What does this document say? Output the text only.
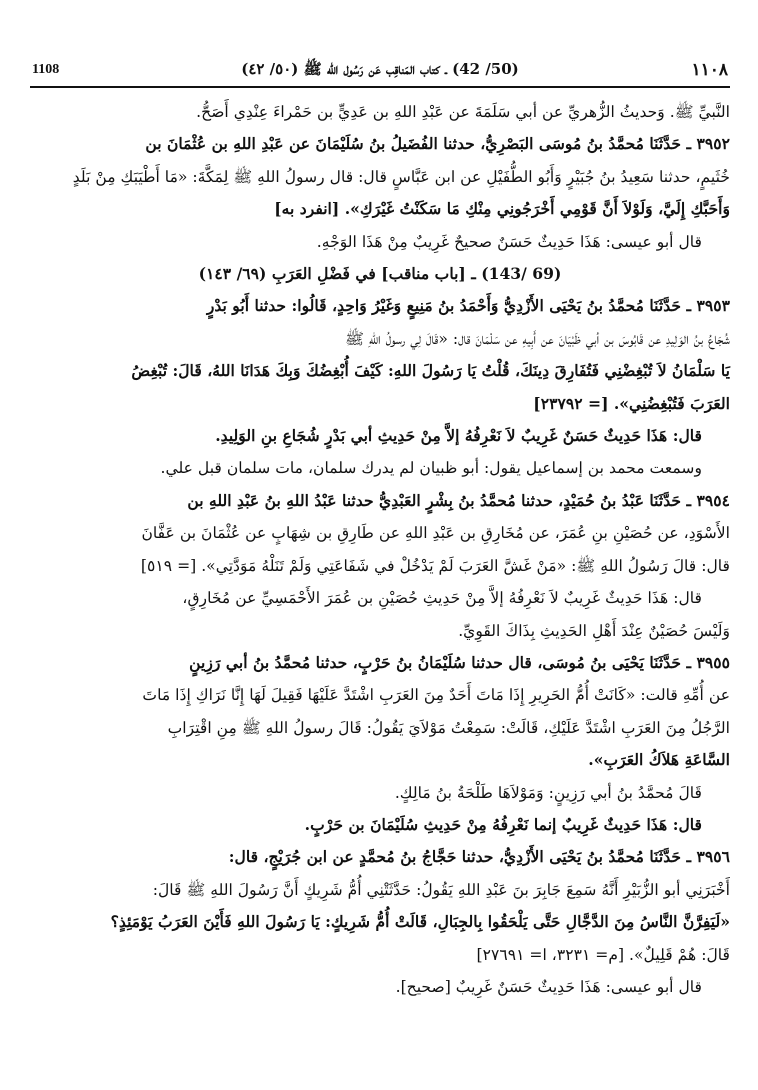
١١٠٨
(50/ 42) ـ كتاب المَناقِب عَن رَسُول الله ﷺ (٥٠/ ٤٢)
1108

النَّبيِّ ﷺ. وَحديثُ الزُّهريِّ عن أبي سَلَمَةَ عن عَبْدِ اللهِ بن عَدِيٍّ بن حَمْراءَ عِنْدِي أَصَحُّ.

٣٩٥٢ ـ حَدَّثَنَا مُحمَّدُ بنُ مُوسَى البَصْرِيُّ، حدثنا الفُضَيلُ بنُ سُلَيْمَانَ عن عَبْدِ اللهِ بن عُثْمَانَ بن

خُثَيمٍ، حدثنا سَعِيدُ بنُ جُبَيْرٍ وَأَبُو الطُّفَيْلِ عن ابن عَبَّاسٍ قال: قال رسولُ اللهِ ﷺ لِمَكَّةَ: «مَا أَطْيَبَكِ مِنْ بَلَدٍ

وَأَحَبَّكِ إِلَيَّ، وَلَوْلاَ أَنَّ قَوْمِي أَخْرَجُونِي مِنْكِ مَا سَكَنْتُ غَيْرَكِ». [انفرد به]

قال أبو عيسى: هَذَا حَدِيثٌ حَسَنٌ صحيحٌ غَرِيبٌ مِنْ هَذَا الوَجْهِ.

(69 /143) ـ [باب مناقب] في فَضْلِ العَرَبِ (٦٩/ ١٤٣)

٣٩٥٣ ـ حَدَّثَنَا مُحمَّدُ بنُ يَحْيَى الأَزْدِيُّ وَأَحْمَدُ بنُ مَنِيعٍ وَغَيْرُ وَاحِدٍ، قَالُوا: حدثنا أَبُو بَدْرٍ

شُجَاعُ بنُ الوَلِيدِ عن قَابُوسَ بن أبي ظَبْيَانَ عن أَبِيهِ عن سَلْمَانَ قال: «قَالَ لِي رسولُ اللهِ ﷺ

يَا سَلْمَانُ لاَ تُبْغِضْنِي فَتُفَارِقَ دِينَكَ، قُلْتُ يَا رَسُولَ اللهِ: كَيْفَ أُبْغِضُكَ وَبِكَ هَدَانَا اللهُ، قَالَ: تُبْغِضُ

العَرَبَ فَتُبْغِضُنِي». [= ٢٣٧٩٢]

قال: هَذَا حَدِيثٌ حَسَنٌ غَرِيبٌ لاَ نَعْرِفُهُ إلاَّ مِنْ حَدِيثِ أبي بَدْرٍ شُجَاعِ بنِ الوَلِيدِ.

وسمعت محمد بن إسماعيل يقول: أبو ظبيان لم يدرك سلمان، مات سلمان قبل علي.

٣٩٥٤ ـ حَدَّثَنَا عَبْدُ بنُ حُمَيْدٍ، حدثنا مُحمَّدُ بنُ بِشْرٍ العَبْدِيُّ حدثنا عَبْدُ اللهِ بنُ عَبْدِ اللهِ بن

الأَسْوَدِ، عن حُصَيْنِ بنِ عُمَرَ، عن مُخَارِقِ بن عَبْدِ اللهِ عن طَارِقِ بن شِهَابٍ عن عُثْمَانَ بن عَفَّانَ

قال: قالَ رَسُولُ اللهِ ﷺ: «مَنْ غَشَّ العَرَبَ لَمْ يَدْخُلْ في شَفَاعَتِي وَلَمْ تَنَلْهُ مَوَدَّتِي». [= ٥١٩]

قال: هَذَا حَدِيثٌ غَرِيبٌ لاَ نَعْرِفُهُ إلاَّ مِنْ حَدِيثِ حُصَيْنِ بن عُمَرَ الأَحْمَسِيِّ عن مُخَارِقٍ،

وَلَيْسَ حُصَيْنٌ عِنْدَ أَهْلِ الحَدِيثِ بِذَاكَ القَوِيِّ.

٣٩٥٥ ـ حَدَّثَنَا يَحْيَى بنُ مُوسَى، قال حدثنا سُلَيْمَانُ بنُ حَرْبٍ، حدثنا مُحمَّدُ بنُ أبي رَزِينٍ

عن أُمِّهِ قالت: «كَانَتْ أُمُّ الحَرِيرِ إِذَا مَاتَ أَحَدٌ مِنَ العَرَبِ اشْتَدَّ عَلَيْهَا فَقِيلَ لَهَا إِنَّا نَرَاكِ إِذَا مَاتَ

الرَّجُلُ مِنَ العَرَبِ اشْتَدَّ عَلَيْكِ، قَالَتْ: سَمِعْتُ مَوْلاَيَ يَقُولُ: قَالَ رسولُ اللهِ ﷺ مِنِ اقْتِرَابِ

السَّاعَةِ هَلاَكُ العَرَبِ».

قَالَ مُحمَّدُ بنُ أبي رَزِينٍ: وَمَوْلاَهَا طَلْحَةُ بنُ مَالِكٍ.

قال: هَذَا حَدِيثٌ غَرِيبٌ إنما نَعْرِفُهُ مِنْ حَدِيثِ سُلَيْمَانَ بن حَرْبٍ.

٣٩٥٦ ـ حَدَّثَنَا مُحمَّدُ بنُ يَحْيَى الأَزْدِيُّ، حدثنا حَجَّاجُ بنُ مُحمَّدٍ عن ابن جُرَيْجٍ، قال:

أَخْبَرَنِي أبو الزُّبَيْرِ أَنَّهُ سَمِعَ جَابِرَ بنَ عَبْدِ اللهِ يَقُولُ: حَدَّثَتْنِي أُمُّ شَرِيكٍ أَنَّ رَسُولَ اللهِ ﷺ قَالَ:

«لَيَفِرَّنَّ النَّاسُ مِنَ الدَّجَّالِ حَتَّى يَلْحَقُوا بِالجِبَالِ، قَالَتْ أُمُّ شَرِيكٍ: يَا رَسُولَ اللهِ فَأَيْنَ العَرَبُ يَوْمَئِذٍ؟

قَالَ: هُمْ قَلِيلٌ». [م= ٣٢٣١، ا= ٢٧٦٩١]

قال أبو عيسى: هَذَا حَدِيثٌ حَسَنٌ غَرِيبٌ [صحيح].
